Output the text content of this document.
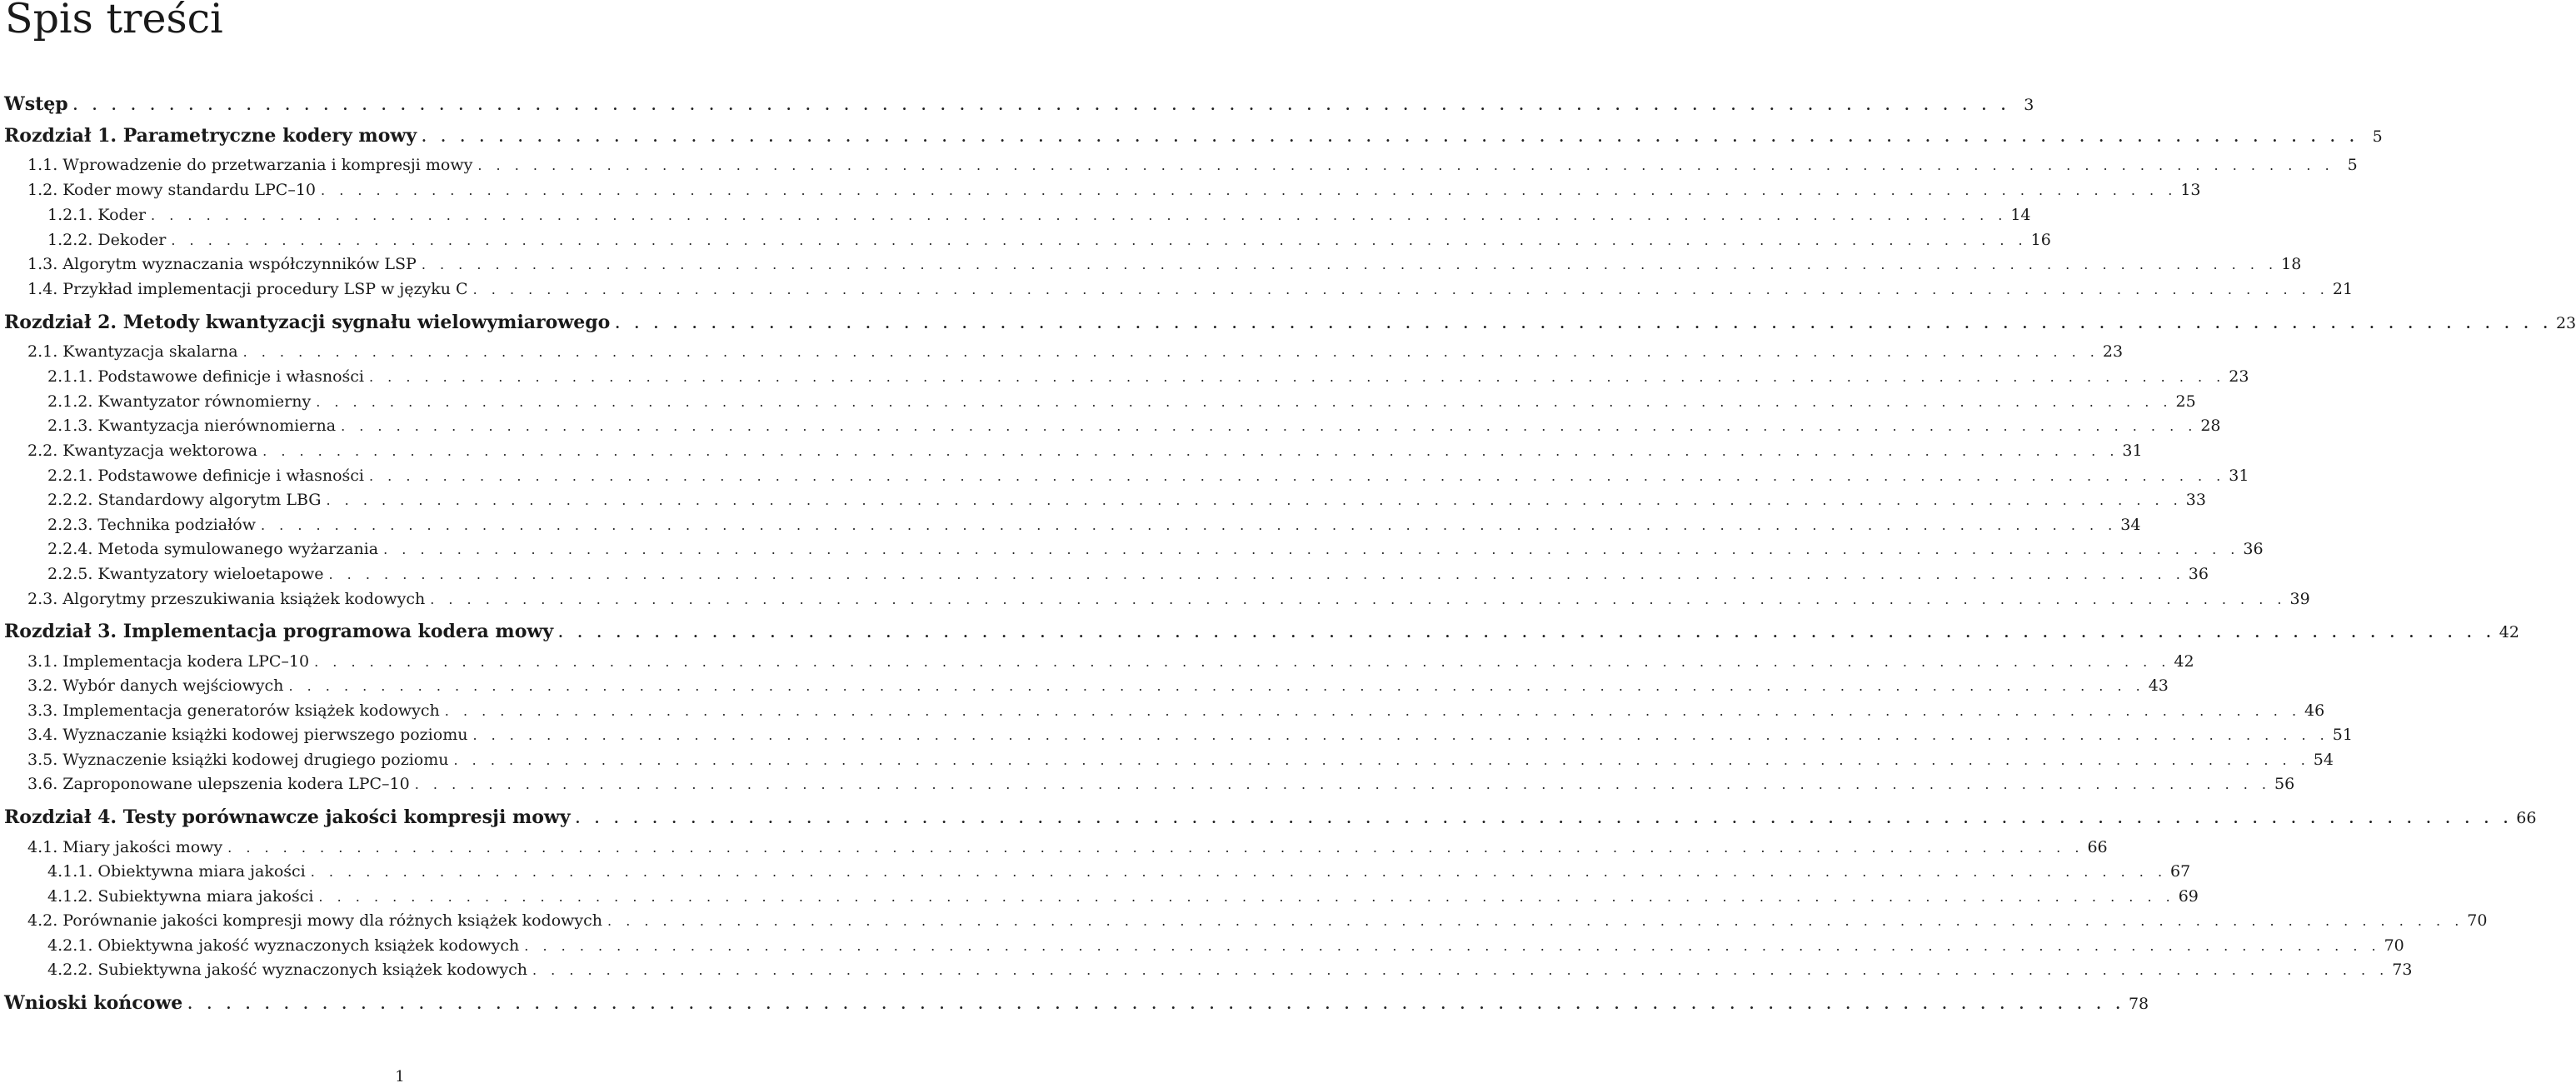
Spis treści
Wstęp . . .	3
Rozdział 1. Parametryczne kodery mowy . . .	5
1.1. Wprowadzenie do przetwarzania i kompresji mowy . . .	5
1.2. Koder mowy standardu LPC–10 . . .	13
1.2.1. Koder . . .	14
1.2.2. Dekoder . . .	16
1.3. Algorytm wyznaczania współczynników LSP . . .	18
1.4. Przykład implementacji procedury LSP w języku C . . .	21
Rozdział 2. Metody kwantyzacji sygnału wielowymiarowego . . .	23
2.1. Kwantyzacja skalarna . . .	23
2.1.1. Podstawowe definicje i własności . . .	23
2.1.2. Kwantyzator równomierny . . .	25
2.1.3. Kwantyzacja nierównomierna . . .	28
2.2. Kwantyzacja wektorowa . . .	31
2.2.1. Podstawowe definicje i własności . . .	31
2.2.2. Standardowy algorytm LBG . . .	33
2.2.3. Technika podziałów . . .	34
2.2.4. Metoda symulowanego wyżarzania . . .	36
2.2.5. Kwantyzatory wieloetapowe . . .	36
2.3. Algorytmy przeszukiwania książek kodowych . . .	39
Rozdział 3. Implementacja programowa kodera mowy . . .	42
3.1. Implementacja kodera LPC–10 . . .	42
3.2. Wybór danych wejściowych . . .	43
3.3. Implementacja generatorów książek kodowych . . .	46
3.4. Wyznaczanie książki kodowej pierwszego poziomu . . .	51
3.5. Wyznaczenie książki kodowej drugiego poziomu . . .	54
3.6. Zaproponowane ulepszenia kodera LPC–10 . . .	56
Rozdział 4. Testy porównawcze jakości kompresji mowy . . .	66
4.1. Miary jakości mowy . . .	66
4.1.1. Obiektywna miara jakości . . .	67
4.1.2. Subiektywna miara jakości . . .	69
4.2. Porównanie jakości kompresji mowy dla różnych książek kodowych . . .	70
4.2.1. Obiektywna jakość wyznaczonych książek kodowych . . .	70
4.2.2. Subiektywna jakość wyznaczonych książek kodowych . . .	73
Wnioski końcowe . . .	78
1
